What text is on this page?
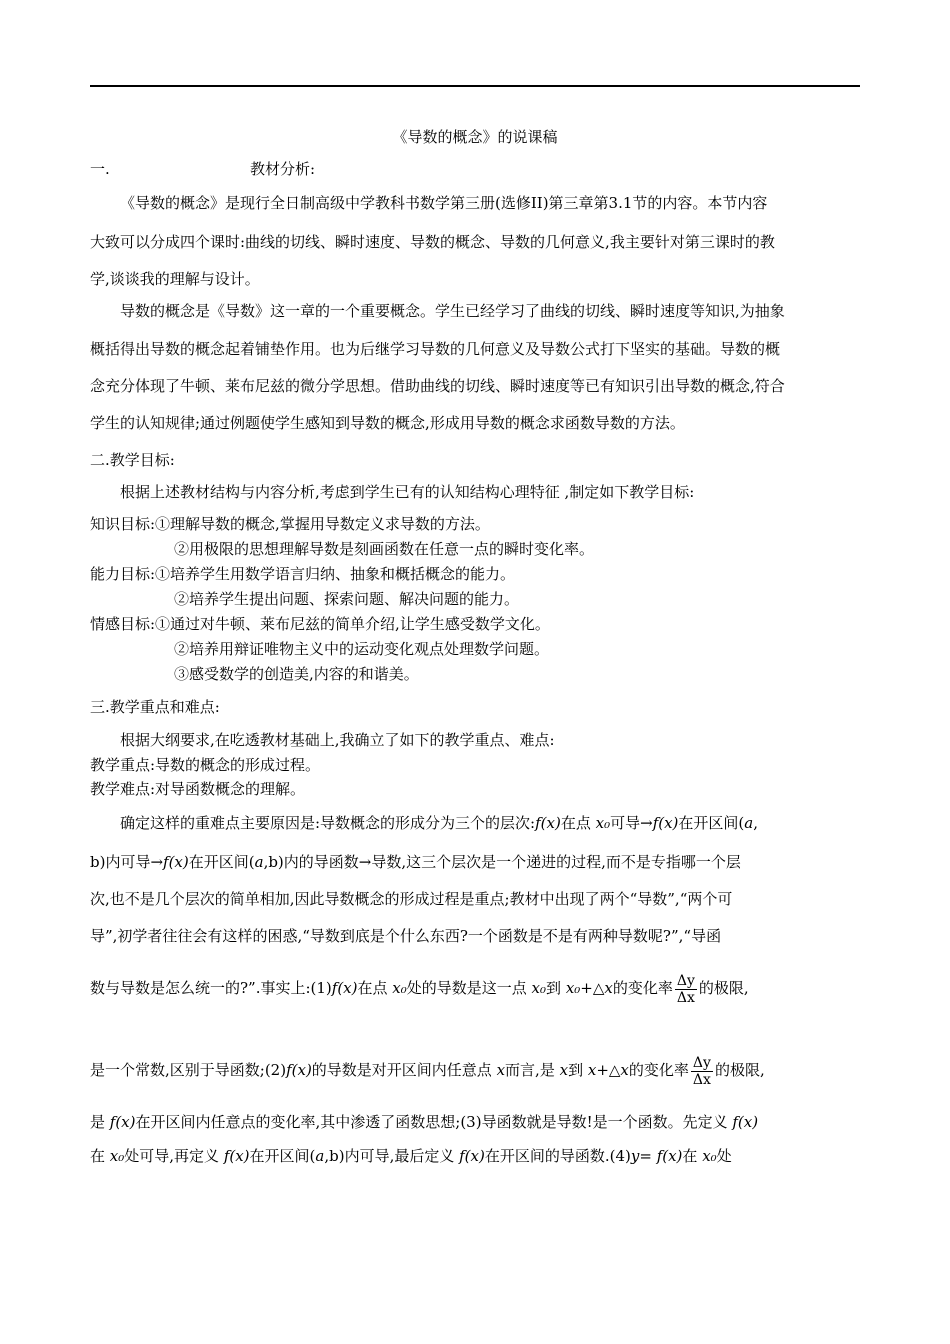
《导数的概念》的说课稿
一.	教材分析:
《导数的概念》是现行全日制高级中学教科书数学第三册(选修II)第三章第3.1节的内容。本节内容
大致可以分成四个课时:曲线的切线、瞬时速度、导数的概念、导数的几何意义,我主要针对第三课时的教
学,谈谈我的理解与设计。
导数的概念是《导数》这一章的一个重要概念。学生已经学习了曲线的切线、瞬时速度等知识,为抽象
概括得出导数的概念起着铺垫作用。也为后继学习导数的几何意义及导数公式打下坚实的基础。导数的概
念充分体现了牛顿、莱布尼兹的微分学思想。借助曲线的切线、瞬时速度等已有知识引出导数的概念,符合
学生的认知规律;通过例题使学生感知到导数的概念,形成用导数的概念求函数导数的方法。
二.教学目标:
根据上述教材结构与内容分析,考虑到学生已有的认知结构心理特征 ,制定如下教学目标:
知识目标:①理解导数的概念,掌握用导数定义求导数的方法。
②用极限的思想理解导数是刻画函数在任意一点的瞬时变化率。
能力目标:①培养学生用数学语言归纳、抽象和概括概念的能力。
②培养学生提出问题、探索问题、解决问题的能力。
情感目标:①通过对牛顿、莱布尼兹的简单介绍,让学生感受数学文化。
②培养用辩证唯物主义中的运动变化观点处理数学问题。
③感受数学的创造美,内容的和谐美。
三.教学重点和难点:
根据大纲要求,在吃透教材基础上,我确立了如下的教学重点、难点:
教学重点:导数的概念的形成过程。
教学难点:对导函数概念的理解。
确定这样的重难点主要原因是:导数概念的形成分为三个的层次:f(x)在点 x₀可导→f(x)在开区间(a,
b)内可导→f(x)在开区间(a,b)内的导函数→导数,这三个层次是一个递进的过程,而不是专指哪一个层
次,也不是几个层次的简单相加,因此导数概念的形成过程是重点;教材中出现了两个“导数”,“两个可
导”,初学者往往会有这样的困惑,“导数到底是个什么东西?一个函数是不是有两种导数呢?”,“导函
数与导数是怎么统一的?”.事实上:(1)f(x)在点 x₀处的导数是这一点 x₀到 x₀+△x的变化率 $\frac{\Delta y}{\Delta x}$ 的极限,
是一个常数,区别于导函数;(2)f(x)的导数是对开区间内任意点 x而言,是 x到 x+△x的变化率 $\frac{\Delta y}{\Delta x}$ 的极限,
是 f(x)在开区间内任意点的变化率,其中渗透了函数思想;(3)导函数就是导数!是一个函数。先定义 f(x)
在 x₀处可导,再定义 f(x)在开区间(a,b)内可导,最后定义 f(x)在开区间的导函数.(4)y= f(x)在 x₀处
